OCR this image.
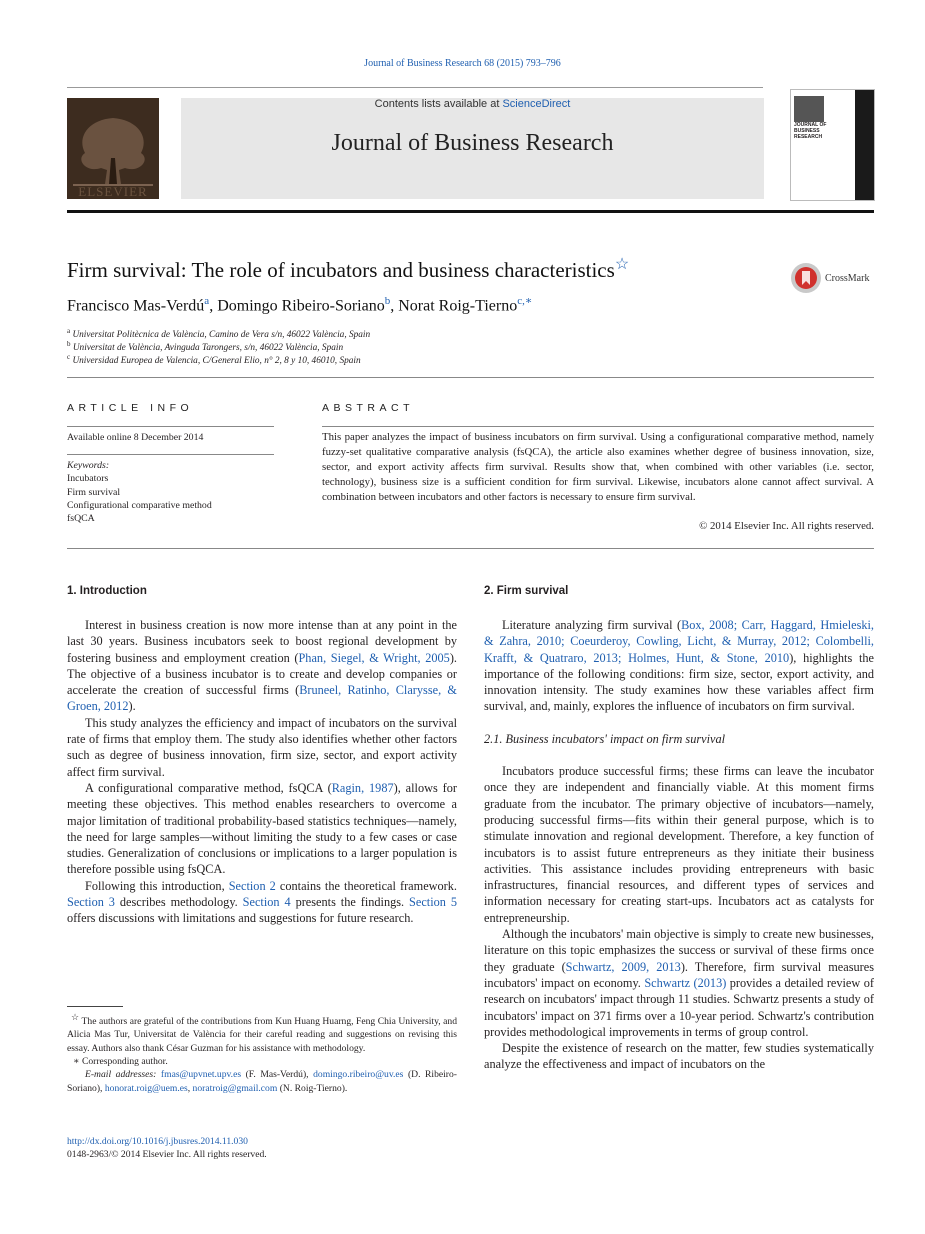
Journal of Business Research 68 (2015) 793–796
ELSEVIER
Contents lists available at ScienceDirect
Journal of Business Research
JOURNAL OF
BUSINESS
RESEARCH
Firm survival: The role of incubators and business characteristics☆
CrossMark
Francisco Mas-Verdú$^a$, Domingo Ribeiro-Soriano$^b$, Norat Roig-Tierno$^{c,∗}$
$^a$ Universitat Politècnica de València, Camino de Vera s/n, 46022 València, Spain
$^b$ Universitat de València, Avinguda Tarongers, s/n, 46022 València, Spain
$^c$ Universidad Europea de Valencia, C/General Elio, n° 2, 8 y 10, 46010, Spain
ARTICLE INFO
Available online 8 December 2014
Keywords:
Incubators
Firm survival
Configurational comparative method
fsQCA
ABSTRACT
This paper analyzes the impact of business incubators on firm survival. Using a configurational comparative method, namely fuzzy-set qualitative comparative analysis (fsQCA), the article also examines whether degree of business innovation, size, sector, and export activity affects firm survival. Results show that, when combined with other variables (i.e. sector, technology), business size is a sufficient condition for firm survival. Likewise, incubators alone cannot affect survival. A combination between incubators and other factors is necessary to ensure firm survival.
© 2014 Elsevier Inc. All rights reserved.
1. Introduction

Interest in business creation is now more intense than at any point in the last 30 years. Business incubators seek to boost regional development by fostering business and employment creation (Phan, Siegel, & Wright, 2005). The objective of a business incubator is to create and develop companies or accelerate the creation of successful firms (Bruneel, Ratinho, Clarysse, & Groen, 2012).

This study analyzes the efficiency and impact of incubators on the survival rate of firms that employ them. The study also identifies whether other factors such as degree of business innovation, firm size, sector, and export activity affect firm survival.

A configurational comparative method, fsQCA (Ragin, 1987), allows for meeting these objectives. This method enables researchers to overcome a major limitation of traditional probability-based statistics techniques—namely, the need for large samples—without limiting the study to a few cases or case studies. Generalization of conclusions or implications to a larger population is therefore possible using fsQCA.

Following this introduction, Section 2 contains the theoretical framework. Section 3 describes methodology. Section 4 presents the findings. Section 5 offers discussions with limitations and suggestions for future research.

☆ The authors are grateful of the contributions from Kun Huang Huarng, Feng Chia University, and Alicia Mas Tur, Universitat de València for their careful reading and suggestions on revising this essay. Authors also thank César Guzman for his assistance with methodology.
∗ Corresponding author.
E-mail addresses: fmas@upvnet.upv.es (F. Mas-Verdú), domingo.ribeiro@uv.es (D. Ribeiro-Soriano), honorat.roig@uem.es, noratroig@gmail.com (N. Roig-Tierno).
http://dx.doi.org/10.1016/j.jbusres.2014.11.030
0148-2963/© 2014 Elsevier Inc. All rights reserved.
2. Firm survival

Literature analyzing firm survival (Box, 2008; Carr, Haggard, Hmieleski, & Zahra, 2010; Coeurderoy, Cowling, Licht, & Murray, 2012; Colombelli, Krafft, & Quatraro, 2013; Holmes, Hunt, & Stone, 2010), highlights the importance of the following conditions: firm size, sector, export activity, and innovation intensity. The study examines how these variables affect firm survival, and, mainly, explores the influence of incubators on firm survival.

2.1. Business incubators' impact on firm survival

Incubators produce successful firms; these firms can leave the incubator once they are independent and financially viable. At this moment firms graduate from the incubator. The primary objective of incubators—namely, producing successful firms—fits within their general purpose, which is to stimulate innovation and regional development. Therefore, a key function of incubators is to assist future entrepreneurs as they initiate their business activities. This assistance includes providing entrepreneurs with basic infrastructures, financial resources, and different types of services and information necessary for creating start-ups. Incubators act as catalysts for entrepreneurship.

Although the incubators' main objective is simply to create new businesses, literature on this topic emphasizes the success or survival of these firms once they graduate (Schwartz, 2009, 2013). Therefore, firm survival measures incubators' impact on economy. Schwartz (2013) provides a detailed review of research on incubators' impact through 11 studies. Schwartz presents a study of incubators' impact on 371 firms over a 10-year period. Schwartz's contribution provides methodological improvements in terms of group control.

Despite the existence of research on the matter, few studies systematically analyze the effectiveness and impact of incubators on the
